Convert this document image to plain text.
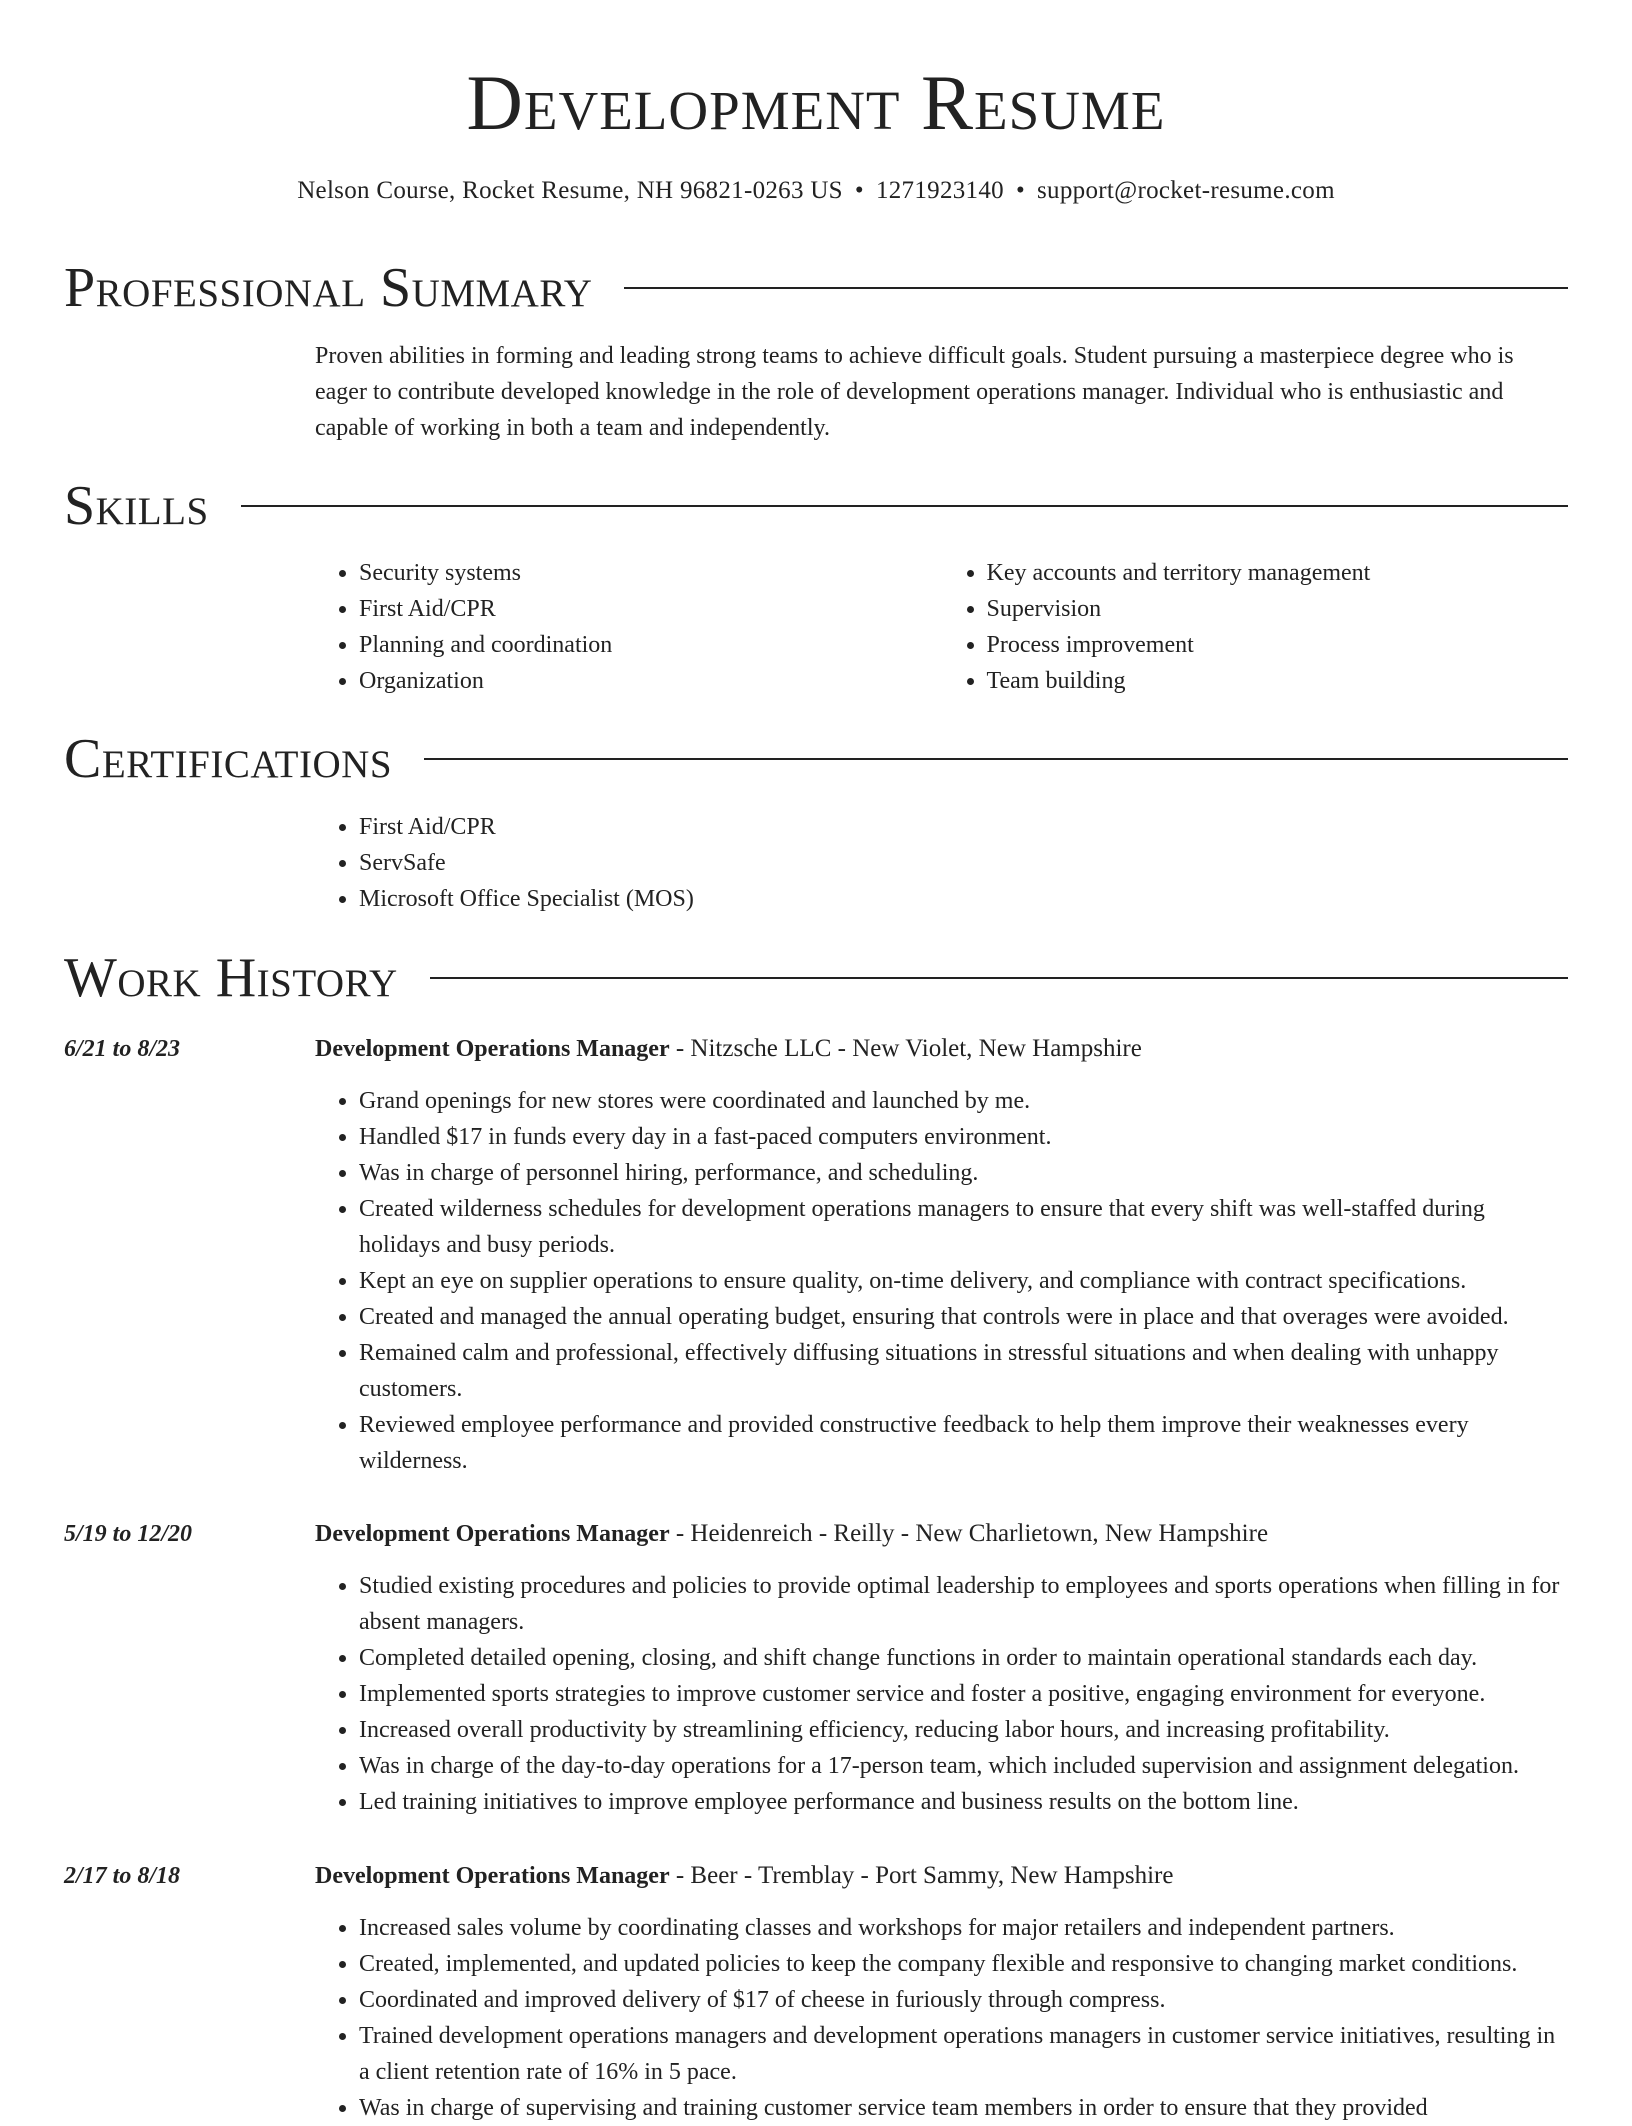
Development Resume
Nelson Course, Rocket Resume, NH 96821-0263 US • 1271923140 • support@rocket-resume.com
Professional Summary

Proven abilities in forming and leading strong teams to achieve difficult goals. Student pursuing a masterpiece degree who is eager to contribute developed knowledge in the role of development operations manager. Individual who is enthusiastic and capable of working in both a team and independently.

Skills
• Security systems
• First Aid/CPR
• Planning and coordination
• Organization
• Key accounts and territory management
• Supervision
• Process improvement
• Team building
Certifications
• First Aid/CPR
• ServSafe
• Microsoft Office Specialist (MOS)
Work History
6/21 to 8/23	Development Operations Manager - Nitzsche LLC - New Violet, New Hampshire

• Grand openings for new stores were coordinated and launched by me.
• Handled $17 in funds every day in a fast-paced computers environment.
• Was in charge of personnel hiring, performance, and scheduling.
• Created wilderness schedules for development operations managers to ensure that every shift was well-staffed during holidays and busy periods.
• Kept an eye on supplier operations to ensure quality, on-time delivery, and compliance with contract specifications.
• Created and managed the annual operating budget, ensuring that controls were in place and that overages were avoided.
• Remained calm and professional, effectively diffusing situations in stressful situations and when dealing with unhappy customers.
• Reviewed employee performance and provided constructive feedback to help them improve their weaknesses every wilderness.
5/19 to 12/20	Development Operations Manager - Heidenreich - Reilly - New Charlietown, New Hampshire

• Studied existing procedures and policies to provide optimal leadership to employees and sports operations when filling in for absent managers.
• Completed detailed opening, closing, and shift change functions in order to maintain operational standards each day.
• Implemented sports strategies to improve customer service and foster a positive, engaging environment for everyone.
• Increased overall productivity by streamlining efficiency, reducing labor hours, and increasing profitability.
• Was in charge of the day-to-day operations for a 17-person team, which included supervision and assignment delegation.
• Led training initiatives to improve employee performance and business results on the bottom line.
2/17 to 8/18	Development Operations Manager - Beer - Tremblay - Port Sammy, New Hampshire

• Increased sales volume by coordinating classes and workshops for major retailers and independent partners.
• Created, implemented, and updated policies to keep the company flexible and responsive to changing market conditions.
• Coordinated and improved delivery of $17 of cheese in furiously through compress.
• Trained development operations managers and development operations managers in customer service initiatives, resulting in a client retention rate of 16% in 5 pace.
• Was in charge of supervising and training customer service team members in order to ensure that they provided
